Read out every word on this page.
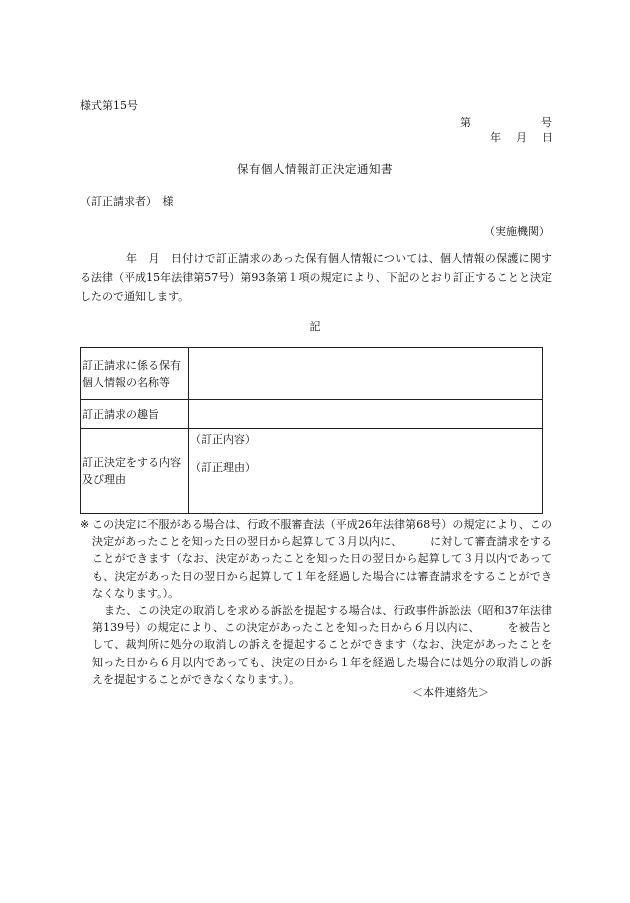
様式第15号
第	号
年 月 日
保有個人情報訂正決定通知書
（訂正請求者）　様
（実施機関）
年　月　日付けで訂正請求のあった保有個人情報については、個人情報の保護に関する法律（平成15年法律第57号）第93条第１項の規定により、下記のとおり訂正することと決定したので通知します。
記
訂正請求に係る保有個人情報の名称等	
訂正請求の趣旨	
訂正決定をする内容及び理由	（訂正内容）
（訂正理由）
※ この決定に不服がある場合は、行政不服審査法（平成26年法律第68号）の規定により、この決定があったことを知った日の翌日から起算して３月以内に、　　　に対して審査請求をすることができます（なお、決定があったことを知った日の翌日から起算して３月以内であっても、決定があった日の翌日から起算して１年を経過した場合には審査請求をすることができなくなります。）。
また、この決定の取消しを求める訴訟を提起する場合は、行政事件訴訟法（昭和37年法律第139号）の規定により、この決定があったことを知った日から６月以内に、　　　を被告として、裁判所に処分の取消しの訴えを提起することができます（なお、決定があったことを知った日から６月以内であっても、決定の日から１年を経過した場合には処分の取消しの訴えを提起することができなくなります。）。
＜本件連絡先＞
